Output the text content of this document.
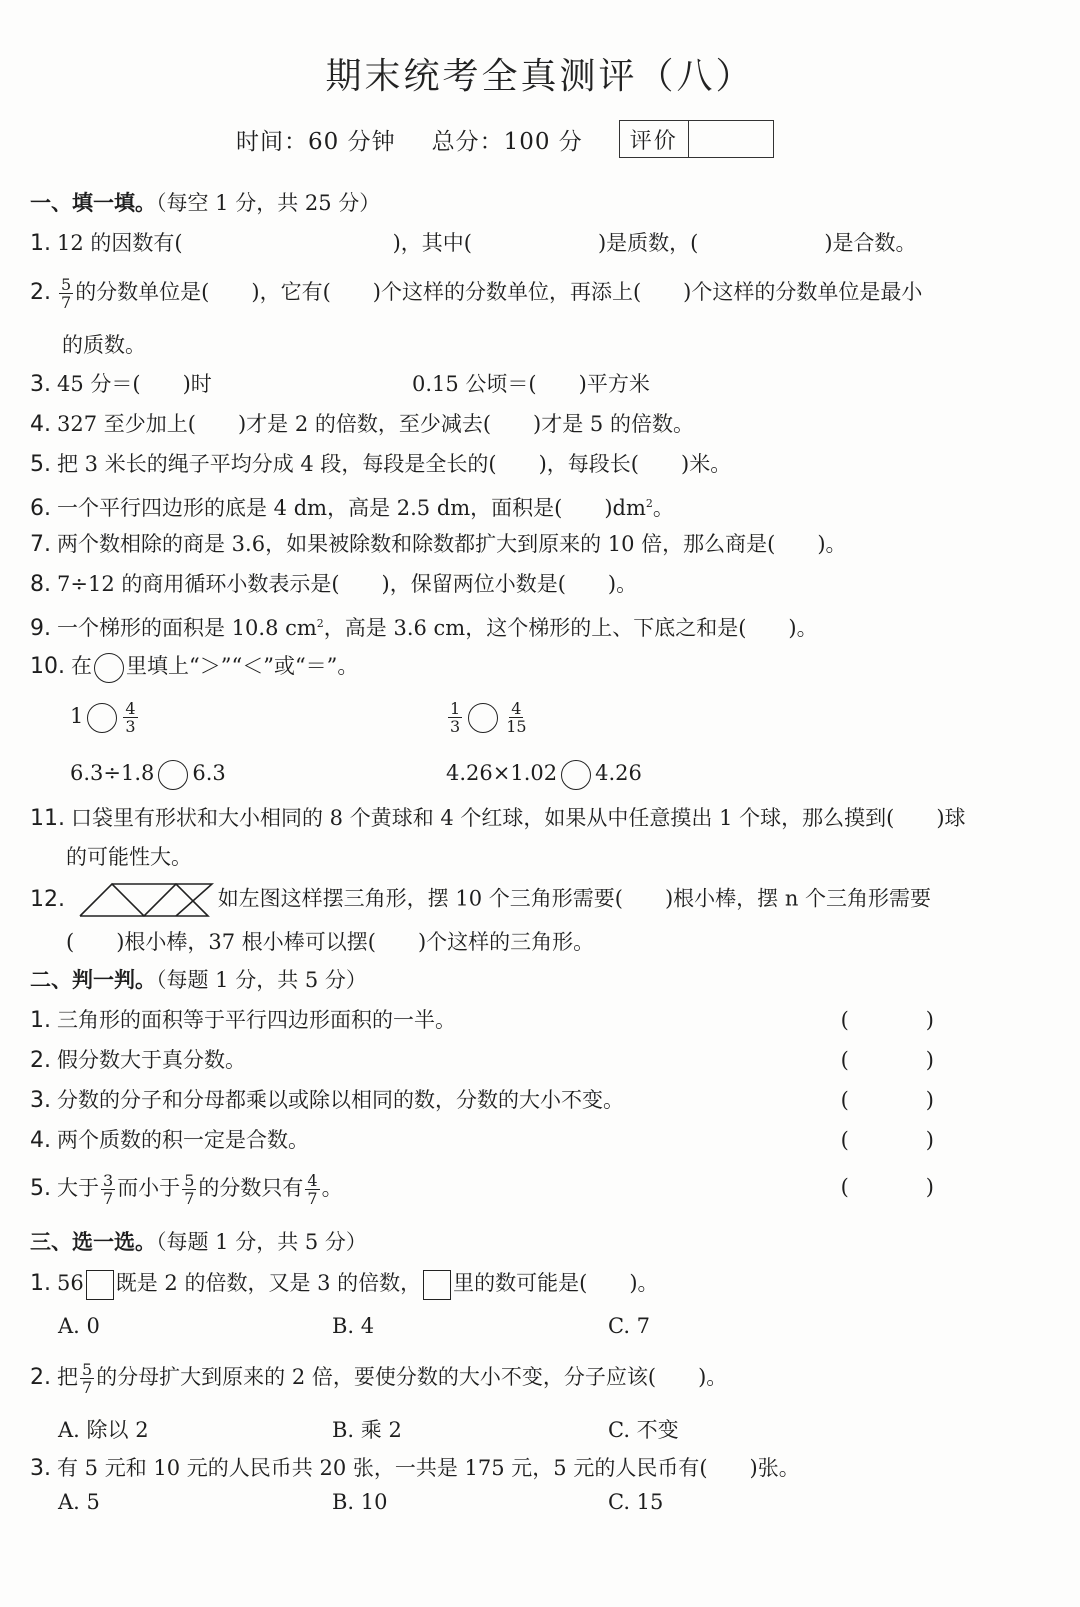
期末统考全真测评（八）
时间：60 分钟 总分：100 分	评价
一、填一填。（每空 1 分，共 25 分）
1. 12 的因数有(　　　　　　　　　　)，其中(　　　　　　)是质数，(　　　　　　)是合数。
2. $\frac{5}{7}$ 的分数单位是(　　)，它有(　　)个这样的分数单位，再添上(　　)个这样的分数单位是最小
的质数。
3. 45 分＝(　　)时	0.15 公顷＝(　　)平方米
4. 327 至少加上(　　)才是 2 的倍数，至少减去(　　)才是 5 的倍数。
5. 把 3 米长的绳子平均分成 4 段，每段是全长的(　　)，每段长(　　)米。
6. 一个平行四边形的底是 4 dm，高是 2.5 dm，面积是(　　)$dm^2$。
7. 两个数相除的商是 3.6，如果被除数和除数都扩大到原来的 10 倍，那么商是(　　)。
8. 7÷12 的商用循环小数表示是(　　)，保留两位小数是(　　)。
9. 一个梯形的面积是 10.8 $cm^2$，高是 3.6 cm，这个梯形的上、下底之和是(　　)。
10. 在 里填上“＞”“＜”或“＝”。
1	$\frac{4}{3}$	$\frac{1}{3}$	$\frac{4}{15}$
6.3÷1.8 6.3	4.26×1.02 4.26
11. 口袋里有形状和大小相同的 8 个黄球和 4 个红球，如果从中任意摸出 1 个球，那么摸到(　　)球
的可能性大。
12.	如左图这样摆三角形，摆 10 个三角形需要(　　)根小棒，摆 n 个三角形需要
(　　)根小棒，37 根小棒可以摆(　　)个这样的三角形。
二、判一判。（每题 1 分，共 5 分）
1. 三角形的面积等于平行四边形面积的一半。	(　)
2. 假分数大于真分数。	(　)
3. 分数的分子和分母都乘以或除以相同的数，分数的大小不变。	(　)
4. 两个质数的积一定是合数。	(　)
5. 大于 $\frac{3}{7}$ 而小于 $\frac{5}{7}$ 的分数只有 $\frac{4}{7}$ 。	(　)
三、选一选。（每题 1 分，共 5 分）
1. 56 既是 2 的倍数，又是 3 的倍数， 里的数可能是(　　)。
A. 0	B. 4	C. 7
2. 把 $\frac{5}{7}$ 的分母扩大到原来的 2 倍，要使分数的大小不变，分子应该(　　)。
A. 除以 2	B. 乘 2	C. 不变
3. 有 5 元和 10 元的人民币共 20 张，一共是 175 元，5 元的人民币有(　　)张。
A. 5	B. 10	C. 15
